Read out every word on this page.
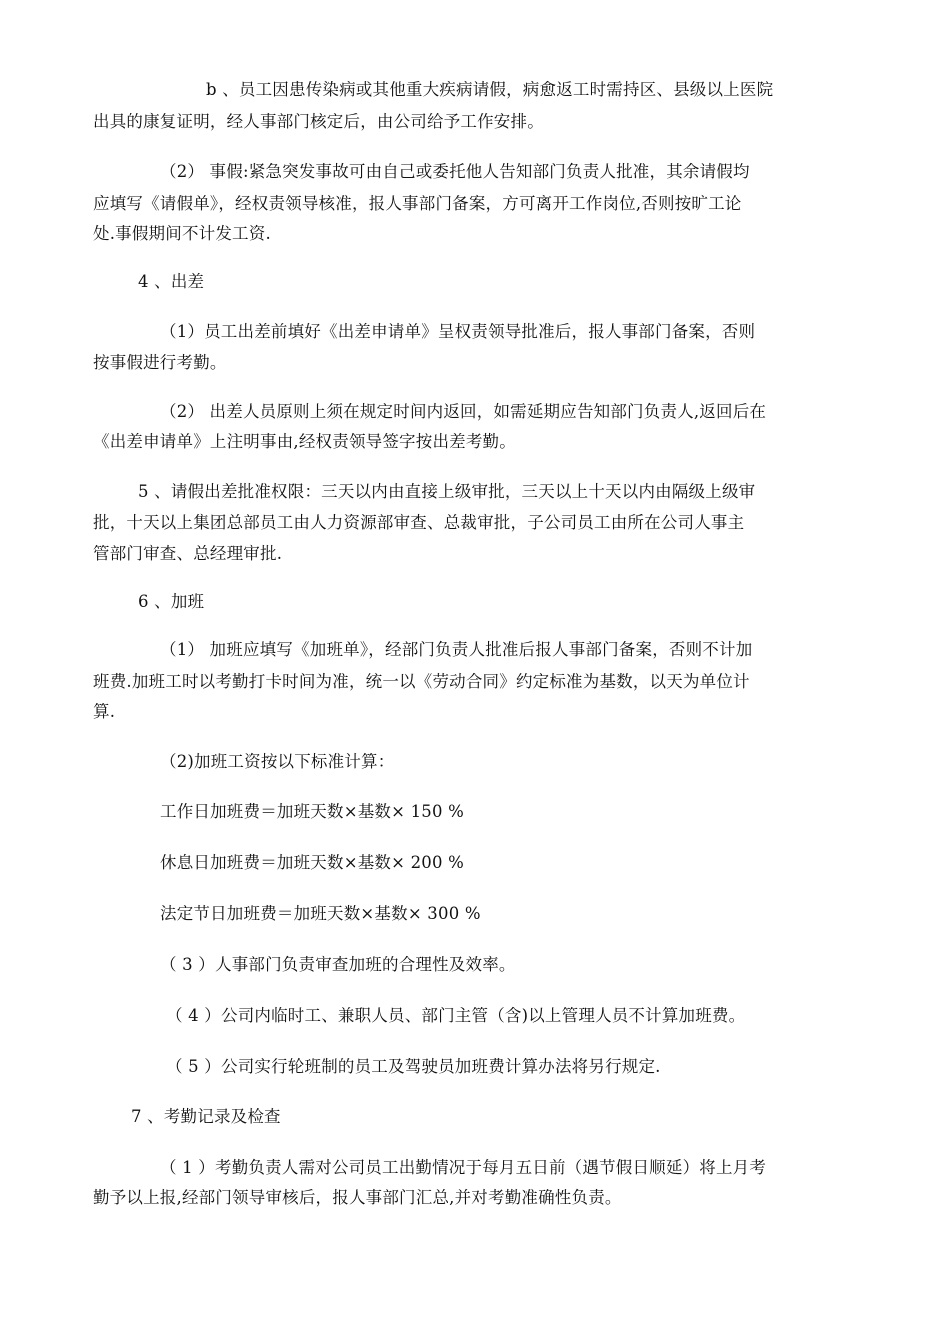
b 、员工因患传染病或其他重大疾病请假，病愈返工时需持区、县级以上医院
出具的康复证明，经人事部门核定后，由公司给予工作安排。
（2） 事假:紧急突发事故可由自己或委托他人告知部门负责人批准，其余请假均
应填写《请假单》，经权责领导核准，报人事部门备案，方可离开工作岗位,否则按旷工论
处.事假期间不计发工资.
4 、出差
（1）员工出差前填好《出差申请单》呈权责领导批准后，报人事部门备案，否则
按事假进行考勤。
（2） 出差人员原则上须在规定时间内返回，如需延期应告知部门负责人,返回后在
《出差申请单》上注明事由,经权责领导签字按出差考勤。
5 、请假出差批准权限：三天以内由直接上级审批，三天以上十天以内由隔级上级审
批，十天以上集团总部员工由人力资源部审查、总裁审批，子公司员工由所在公司人事主
管部门审查、总经理审批.
6 、加班
（1） 加班应填写《加班单》，经部门负责人批准后报人事部门备案，否则不计加
班费.加班工时以考勤打卡时间为准，统一以《劳动合同》约定标准为基数，以天为单位计
算.
（2)加班工资按以下标准计算：
工作日加班费＝加班天数×基数× 150 %
休息日加班费＝加班天数×基数× 200 %
法定节日加班费＝加班天数×基数× 300 %
（ 3 ）人事部门负责审查加班的合理性及效率。
（ 4 ）公司内临时工、兼职人员、部门主管（含)以上管理人员不计算加班费。
（ 5 ）公司实行轮班制的员工及驾驶员加班费计算办法将另行规定.
7 、考勤记录及检查
（ 1 ）考勤负责人需对公司员工出勤情况于每月五日前（遇节假日顺延）将上月考
勤予以上报,经部门领导审核后，报人事部门汇总,并对考勤准确性负责。
